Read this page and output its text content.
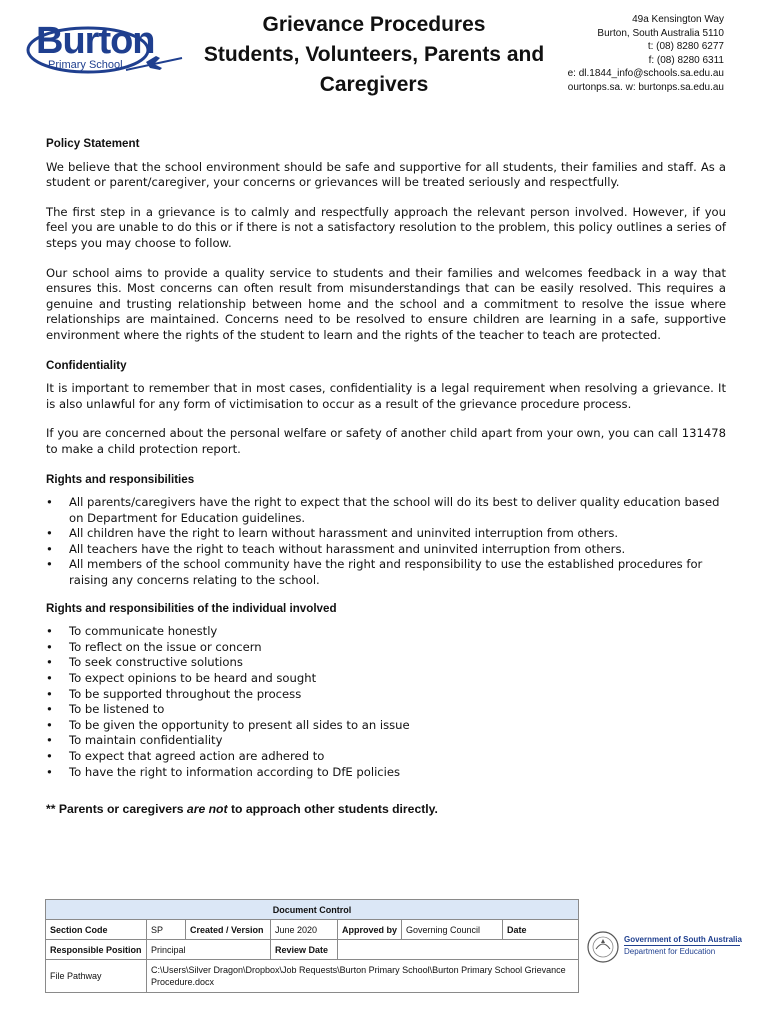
Burton
Primary School
Grievance Procedures
Students, Volunteers, Parents and
Caregivers
49a Kensington Way
Burton, South Australia 5110
t: (08) 8280 6277
f: (08) 8280 6311
e: dl.1844_info@schools.sa.edu.au
ourtonps.sa. w: burtonps.sa.edu.au
Policy Statement

We believe that the school environment should be safe and supportive for all students, their families and staff. As a student or parent/caregiver, your concerns or grievances will be treated seriously and respectfully.

The first step in a grievance is to calmly and respectfully approach the relevant person involved. However, if you feel you are unable to do this or if there is not a satisfactory resolution to the problem, this policy outlines a series of steps you may choose to follow.

Our school aims to provide a quality service to students and their families and welcomes feedback in a way that ensures this. Most concerns can often result from misunderstandings that can be easily resolved. This requires a genuine and trusting relationship between home and the school and a commitment to resolve the issue where relationships are maintained. Concerns need to be resolved to ensure children are learning in a safe, supportive environment where the rights of the student to learn and the rights of the teacher to teach are protected.

Confidentiality

It is important to remember that in most cases, confidentiality is a legal requirement when resolving a grievance. It is also unlawful for any form of victimisation to occur as a result of the grievance procedure process.

If you are concerned about the personal welfare or safety of another child apart from your own, you can call 131478 to make a child protection report.

Rights and responsibilities
• All parents/caregivers have the right to expect that the school will do its best to deliver quality education based on Department for Education guidelines.
• All children have the right to learn without harassment and uninvited interruption from others.
• All teachers have the right to teach without harassment and uninvited interruption from others.
• All members of the school community have the right and responsibility to use the established procedures for raising any concerns relating to the school.
Rights and responsibilities of the individual involved
• To communicate honestly
• To reflect on the issue or concern
• To seek constructive solutions
• To expect opinions to be heard and sought
• To be supported throughout the process
• To be listened to
• To be given the opportunity to present all sides to an issue
• To maintain confidentiality
• To expect that agreed action are adhered to
• To have the right to information according to DfE policies
** Parents or caregivers are not to approach other students directly.
Document Control						
Section Code	SP	Created / Version	June 2020	Approved by	Governing Council	Date
Responsible Position	Principal		Review Date			
File Pathway	C:\Users\Silver Dragon\Dropbox\Job Requests\Burton Primary School\Burton Primary School Grievance Procedure.docx					
Government of South Australia
Department for Education
